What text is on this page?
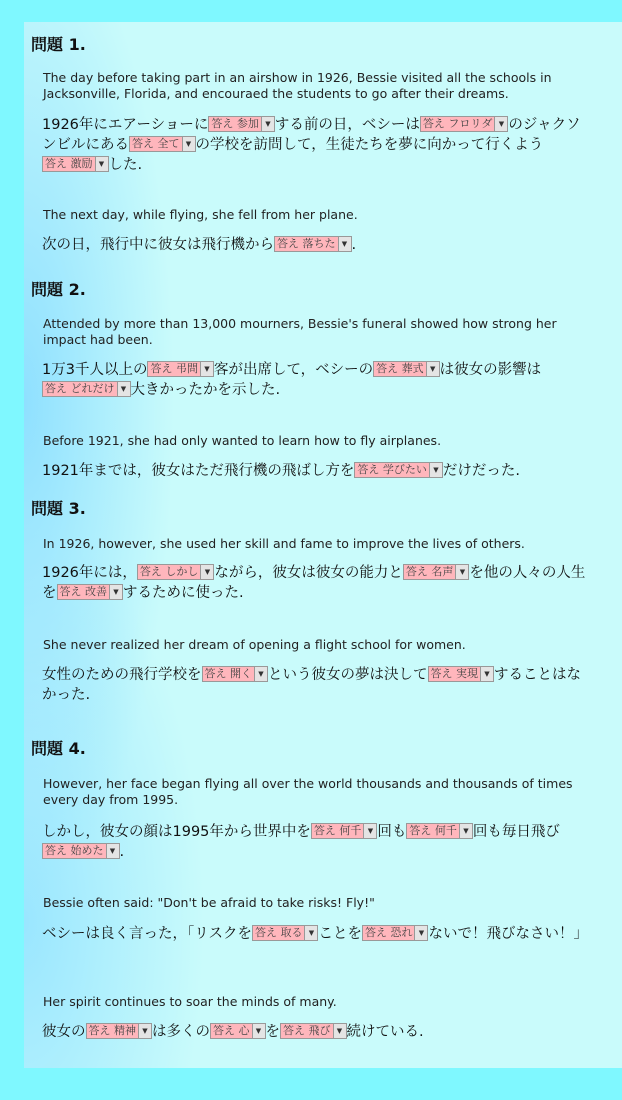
問題 1.
The day before taking part in an airshow in 1926, Bessie visited all the schools in Jacksonville, Florida, and encouraed the students to go after their dreams.
1926年にエアーショーに 答え 参加 ▼ する前の日，ベシーは 答え フロリダ ▼ のジャクソンビルにある 答え 全て ▼ の学校を訪問して，生徒たちを夢に向かって行くよう答え 激励 ▼ した.
The next day, while flying, she fell from her plane.
次の日，飛行中に彼女は飛行機から 答え 落ちた ▼ .
問題 2.
Attended by more than 13,000 mourners, Bessie's funeral showed how strong her impact had been.
1万3千人以上の 答え 弔問 ▼ 客が出席して，ベシーの 答え 葬式 ▼ は彼女の影響は答え どれだけ ▼ 大きかったかを示した.
Before 1921, she had only wanted to learn how to fly airplanes.
1921年までは，彼女はただ飛行機の飛ばし方を 答え 学びたい ▼ だけだった.
問題 3.
In 1926, however, she used her skill and fame to improve the lives of others.
1926年には， 答え しかし ▼ ながら，彼女は彼女の能力と 答え 名声 ▼ を他の人々の人生を 答え 改善 ▼ するために使った.
She never realized her dream of opening a flight school for women.
女性のための飛行学校を 答え 開く ▼ という彼女の夢は決して 答え 実現 ▼ することはなかった.
問題 4.
However, her face began flying all over the world thousands and thousands of times every day from 1995.
しかし，彼女の顔は1995年から世界中を 答え 何千 ▼ 回も 答え 何千 ▼ 回も毎日飛び答え 始めた ▼ .
Bessie often said: "Don't be afraid to take risks! Fly!"
ベシーは良く言った，「リスクを 答え 取る ▼ ことを 答え 恐れ ▼ ないで！飛びなさい！」
Her spirit continues to soar the minds of many.
彼女の 答え 精神 ▼ は多くの 答え 心 ▼ を 答え 飛び ▼ 続けている.
